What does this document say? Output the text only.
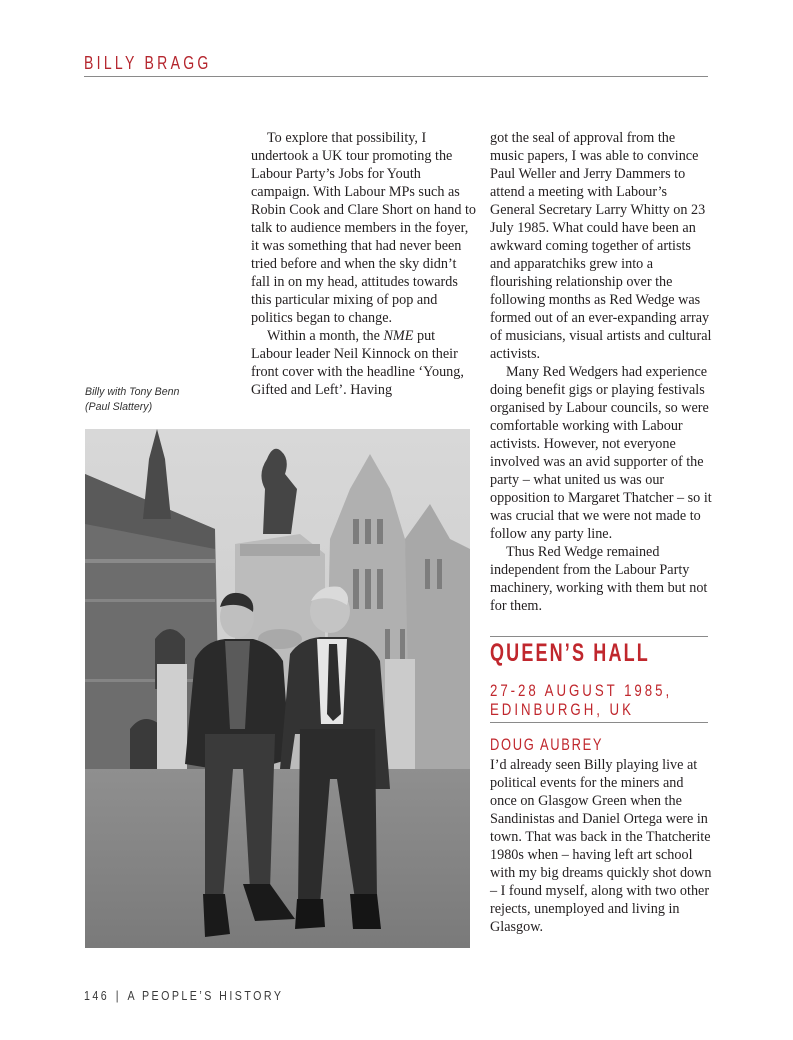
BILLY BRAGG

To explore that possibility, I undertook a UK tour promoting the Labour Party’s Jobs for Youth campaign. With Labour MPs such as Robin Cook and Clare Short on hand to talk to audience members in the foyer, it was something that had never been tried before and when the sky didn’t fall in on my head, attitudes towards this particular mixing of pop and politics began to change.

Within a month, the NME put Labour leader Neil Kinnock on their front cover with the headline ‘Young, Gifted and Left’. Having

got the seal of approval from the music papers, I was able to convince Paul Weller and Jerry Dammers to attend a meeting with Labour’s General Secretary Larry Whitty on 23 July 1985. What could have been an awkward coming together of artists and apparatchiks grew into a flourishing relationship over the following months as Red Wedge was formed out of an ever-expanding array of musicians, visual artists and cultural activists.

Many Red Wedgers had experience doing benefit gigs or playing festivals organised by Labour councils, so were comfortable working with Labour activists. However, not everyone involved was an avid supporter of the party – what united us was our opposition to Margaret Thatcher – so it was crucial that we were not made to follow any party line.

Thus Red Wedge remained independent from the Labour Party machinery, working with them but not for them.

Billy with Tony Benn
(Paul Slattery)
QUEEN’S HALL
27-28 AUGUST 1985,
EDINBURGH, UK
DOUG AUBREY

I’d already seen Billy playing live at political events for the miners and once on Glasgow Green when the Sandinistas and Daniel Ortega were in town. That was back in the Thatcherite 1980s when – having left art school with my big dreams quickly shot down – I found myself, along with two other rejects, unemployed and living in Glasgow.

146 | A PEOPLE’S HISTORY
